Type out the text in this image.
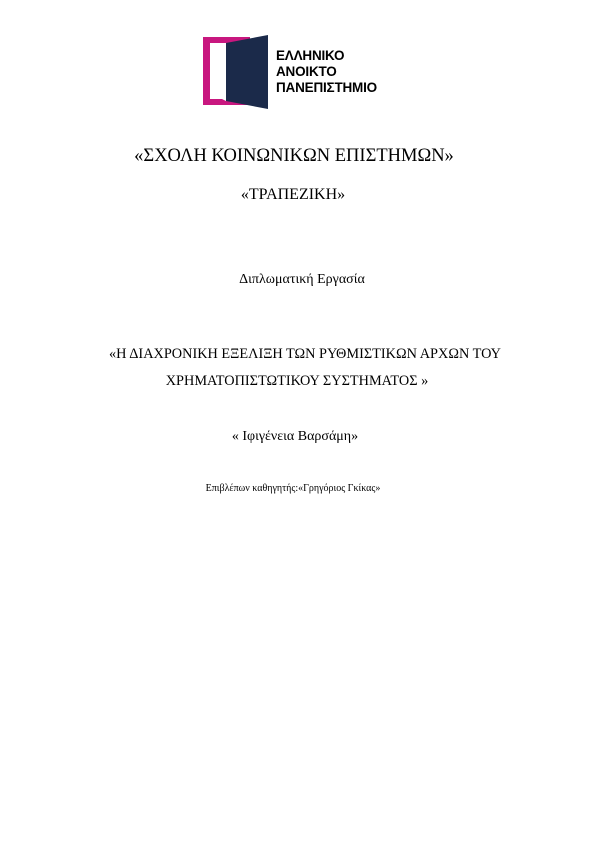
ΕΛΛΗΝΙΚΟ
ΑΝΟΙΚΤΟ
ΠΑΝΕΠΙΣΤΗΜΙΟ
«ΣΧΟΛΗ ΚΟΙΝΩΝΙΚΩΝ ΕΠΙΣΤΗΜΩΝ»
«ΤΡΑΠΕΖΙΚΗ»
Διπλωματική Εργασία
«Η ΔΙΑΧΡΟΝΙΚΗ ΕΞΕΛΙΞΗ ΤΩΝ ΡΥΘΜΙΣΤΙΚΩΝ ΑΡΧΩΝ ΤΟΥ
ΧΡΗΜΑΤΟΠΙΣΤΩΤΙΚΟΥ ΣΥΣΤΗΜΑΤΟΣ »
« Ιφιγένεια Βαρσάμη»
Επιβλέπων καθηγητής:«Γρηγόριος Γκίκας»
